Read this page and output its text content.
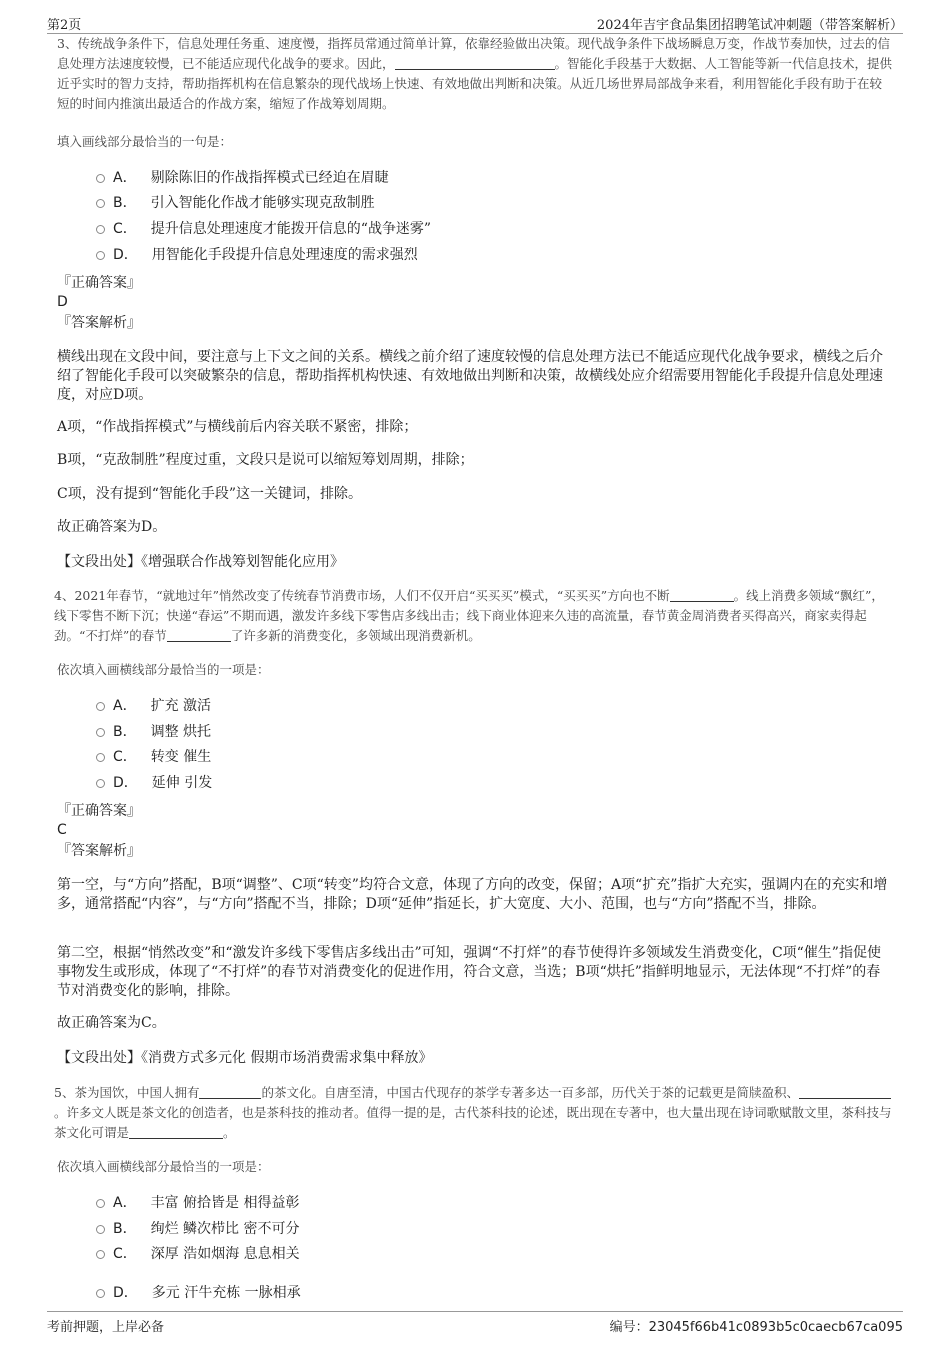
第2页	2024年吉宇食品集团招聘笔试冲刺题（带答案解析）
3、传统战争条件下，信息处理任务重、速度慢，指挥员常通过简单计算，依靠经验做出决策。现代战争条件下战场瞬息万变，作战节奏加快，过去的信息处理方法速度较慢，已不能适应现代化战争的要求。因此，	。智能化手段基于大数据、人工智能等新一代信息技术，提供近乎实时的智力支持，帮助指挥机构在信息繁杂的现代战场上快速、有效地做出判断和决策。从近几场世界局部战争来看，利用智能化手段有助于在较短的时间内推演出最适合的作战方案，缩短了作战筹划周期。
填入画线部分最恰当的一句是：
A． 剔除陈旧的作战指挥模式已经迫在眉睫
B． 引入智能化作战才能够实现克敌制胜
C． 提升信息处理速度才能拨开信息的“战争迷雾”
D． 用智能化手段提升信息处理速度的需求强烈
『正确答案』
D
『答案解析』
横线出现在文段中间，要注意与上下文之间的关系。横线之前介绍了速度较慢的信息处理方法已不能适应现代化战争要求，横线之后介绍了智能化手段可以突破繁杂的信息，帮助指挥机构快速、有效地做出判断和决策，故横线处应介绍需要用智能化手段提升信息处理速度，对应D项。
A项，“作战指挥模式”与横线前后内容关联不紧密，排除；
B项，“克敌制胜”程度过重，文段只是说可以缩短筹划周期，排除；
C项，没有提到“智能化手段”这一关键词，排除。
故正确答案为D。
【文段出处】《增强联合作战筹划智能化应用》
4、2021年春节，“就地过年”悄然改变了传统春节消费市场，人们不仅开启“买买买”模式，“买买买”方向也不断	。线上消费多领域“飘红”，线下零售不断下沉；快递“春运”不期而遇，激发许多线下零售店多线出击；线下商业体迎来久违的高流量，春节黄金周消费者买得高兴，商家卖得起劲。“不打烊”的春节	了许多新的消费变化，多领域出现消费新机。
依次填入画横线部分最恰当的一项是：
A． 扩充 激活
B． 调整 烘托
C． 转变 催生
D． 延伸 引发
『正确答案』
C
『答案解析』
第一空，与“方向”搭配，B项“调整”、C项“转变”均符合文意，体现了方向的改变，保留；A项“扩充”指扩大充实，强调内在的充实和增多，通常搭配“内容”，与“方向”搭配不当，排除；D项“延伸”指延长，扩大宽度、大小、范围，也与“方向”搭配不当，排除。
第二空，根据“悄然改变”和“激发许多线下零售店多线出击”可知，强调“不打烊”的春节使得许多领域发生消费变化，C项“催生”指促使事物发生或形成，体现了“不打烊”的春节对消费变化的促进作用，符合文意，当选；B项“烘托”指鲜明地显示，无法体现“不打烊”的春节对消费变化的影响，排除。
故正确答案为C。
【文段出处】《消费方式多元化 假期市场消费需求集中释放》
5、茶为国饮，中国人拥有	的茶文化。自唐至清，中国古代现存的茶学专著多达一百多部，历代关于茶的记载更是简牍盈积、。许多文人既是茶文化的创造者，也是茶科技的推动者。值得一提的是，古代茶科技的论述，既出现在专著中，也大量出现在诗词歌赋散文里，茶科技与茶文化可谓是	。
依次填入画横线部分最恰当的一项是：
A． 丰富 俯拾皆是 相得益彰
B． 绚烂 鳞次栉比 密不可分
C． 深厚 浩如烟海 息息相关
D． 多元 汗牛充栋 一脉相承
考前押题，上岸必备	编号：23045f66b41c0893b5c0caecb67ca095
